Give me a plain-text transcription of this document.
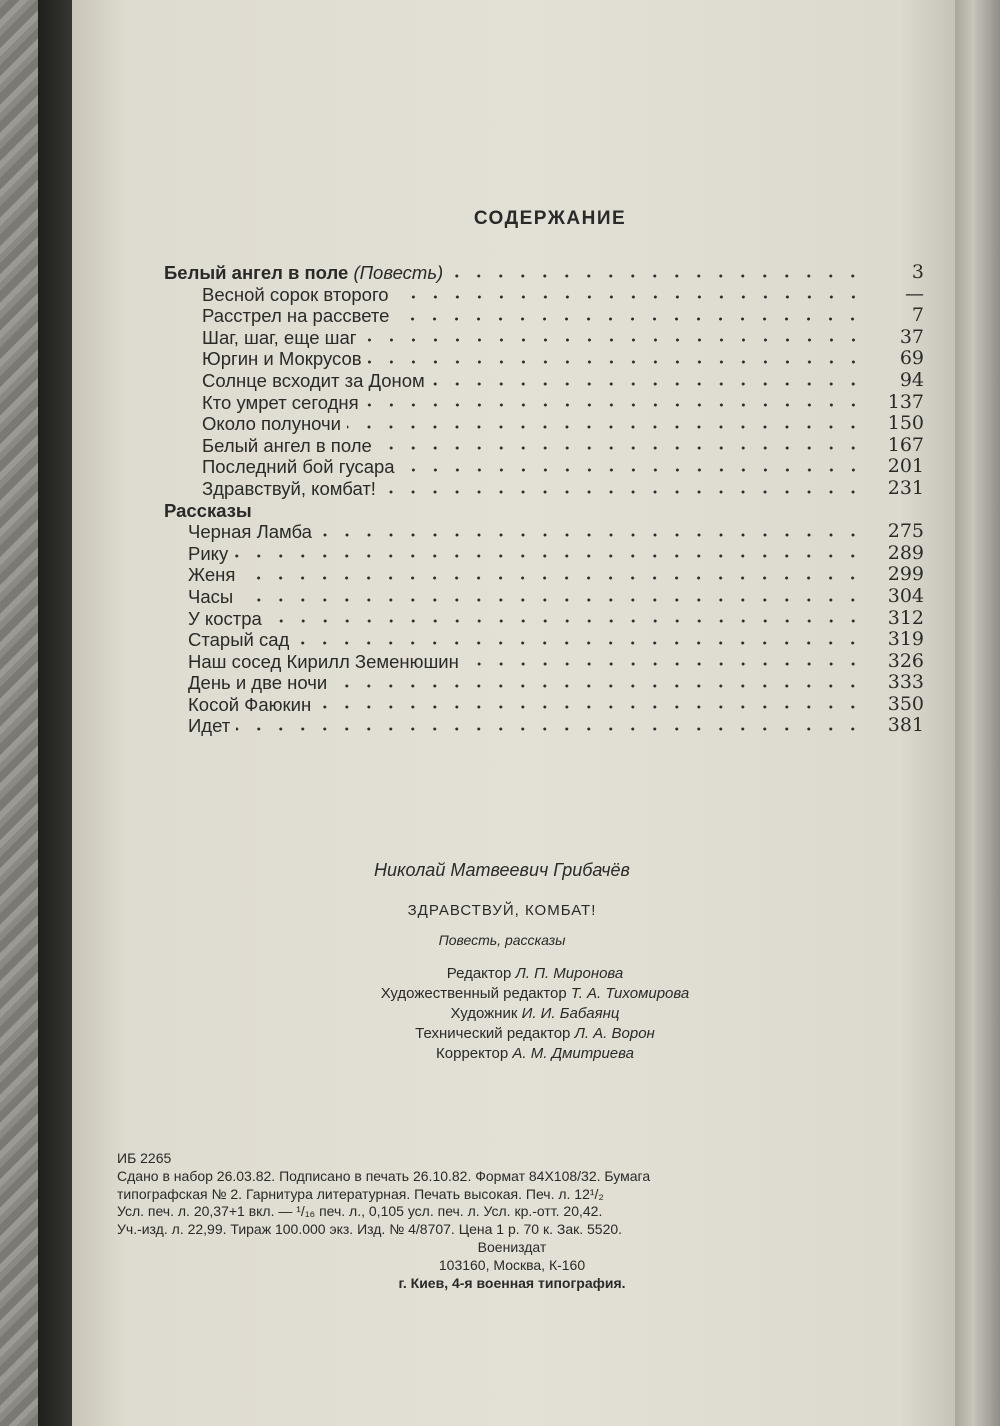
СОДЕРЖАНИЕ
Белый ангел в поле (Повесть)	3
Весной сорок второго	—
Расстрел на рассвете	7
Шаг, шаг, еще шаг	37
Юргин и Мокрусов	69
Солнце всходит за Доном	94
Кто умрет сегодня	137
Около полуночи	150
Белый ангел в поле	167
Последний бой гусара	201
Здравствуй, комбат!	231
Рассказы
Черная Ламба	275
Рику	289
Женя	299
Часы	304
У костра	312
Старый сад	319
Наш сосед Кирилл Земенюшин	326
День и две ночи	333
Косой Фаюкин	350
Идет	381
Николай Матвеевич Грибачёв
ЗДРАВСТВУЙ, КОМБАТ!
Повесть, рассказы
Редактор Л. П. Миронова
Художественный редактор Т. А. Тихомирова
Художник И. И. Бабаянц
Технический редактор Л. А. Ворон
Корректор А. М. Дмитриева
ИБ 2265
Сдано в набор 26.03.82. Подписано в печать 26.10.82. Формат 84Х108/32. Бумага
типографская № 2. Гарнитура литературная. Печать высокая. Печ. л. 12¹/₂
Усл. печ. л. 20,37+1 вкл. — ¹/₁₆ печ. л., 0,105 усл. печ. л. Усл. кр.-отт. 20,42.
Уч.-изд. л. 22,99. Тираж 100.000 экз. Изд. № 4/8707. Цена 1 р. 70 к. Зак. 5520.
Воениздат
103160, Москва, К-160
г. Киев, 4-я военная типография.
